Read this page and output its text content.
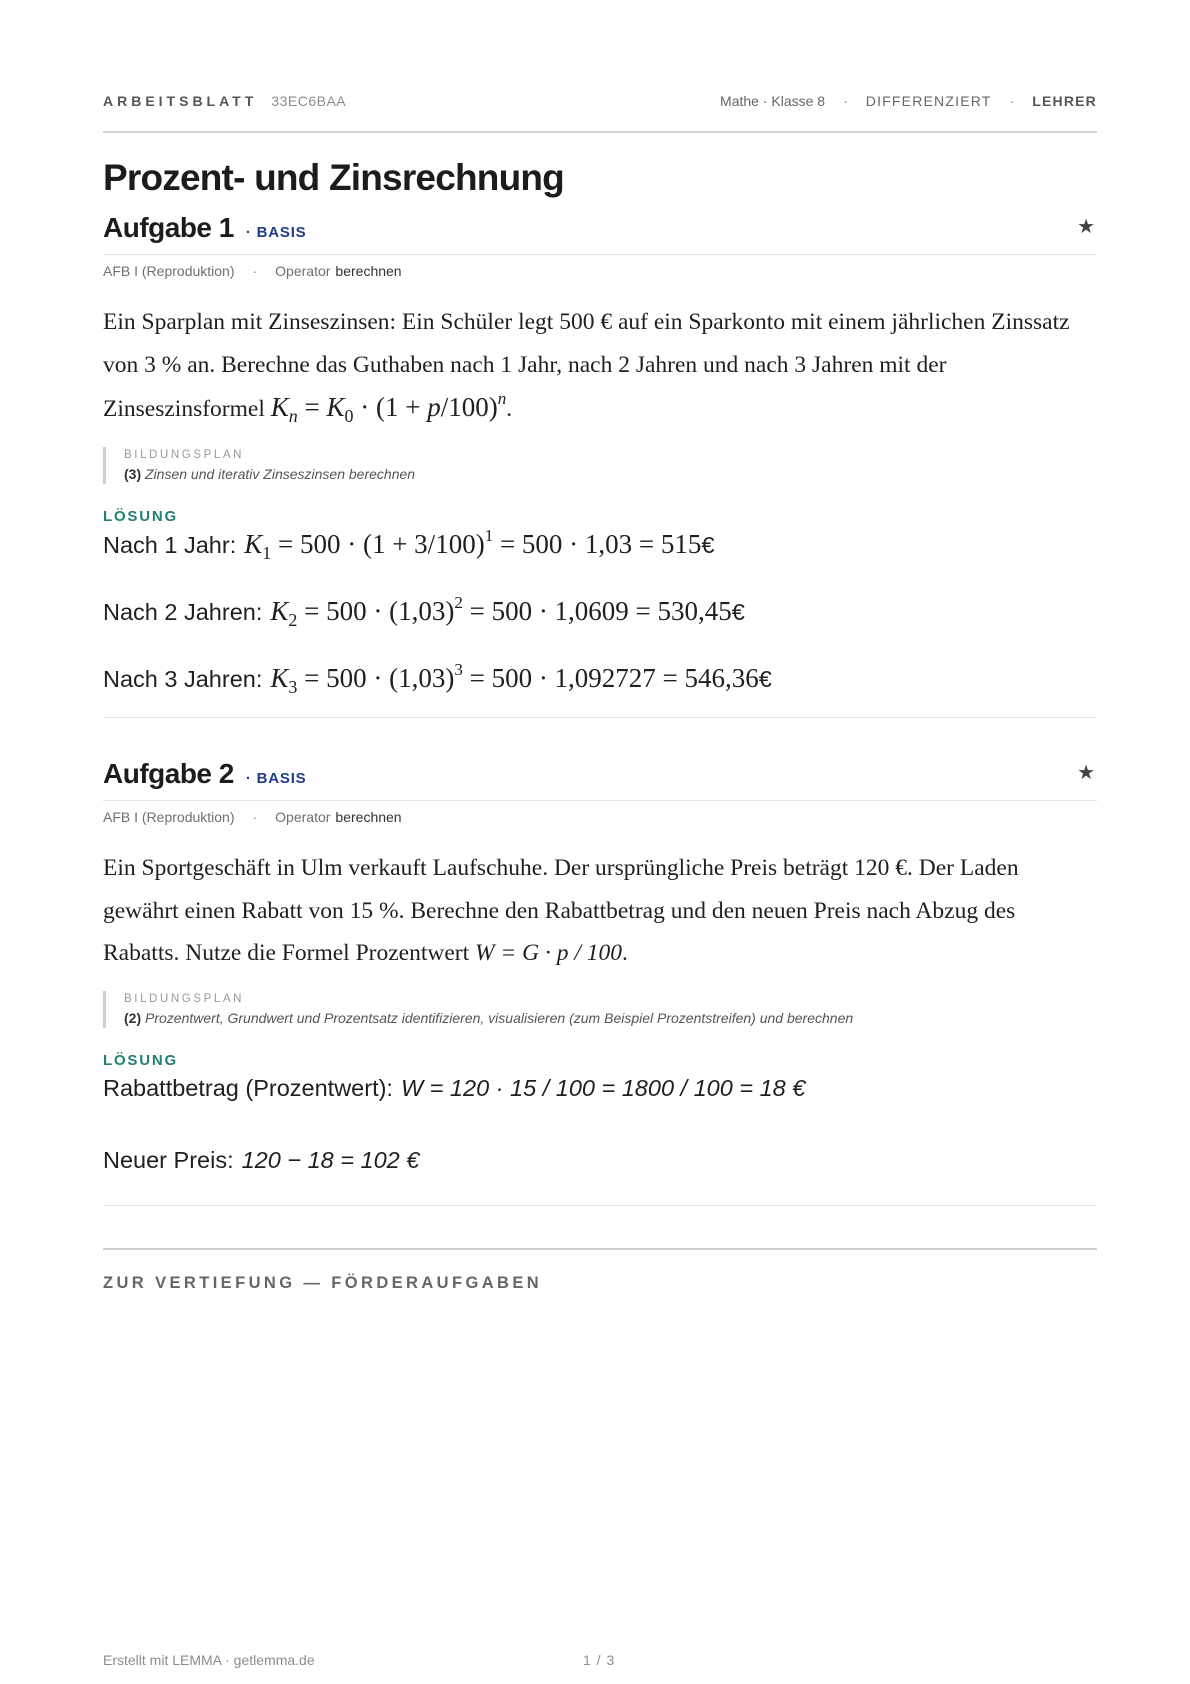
ARBEITSBLATT 33EC6BAA	Mathe · Klasse 8 · DIFFERENZIERT · LEHRER
Prozent- und Zinsrechnung
Aufgabe 1 · BASIS	★
AFB I (Reproduktion) · Operator berechnen
Ein Sparplan mit Zinseszinsen: Ein Schüler legt 500 € auf ein Sparkonto mit einem jährlichen Zinssatz von 3 % an. Berechne das Guthaben nach 1 Jahr, nach 2 Jahren und nach 3 Jahren mit der Zinseszinsformel $K_n = K_0 \cdot (1 + p/100)^n$.
BILDUNGSPLAN
(3) Zinsen und iterativ Zinseszinsen berechnen
LÖSUNG
Nach 1 Jahr: $K_1 = 500 \cdot (1 + 3/100)^1 = 500 \cdot 1,03 = 515$ €
Nach 2 Jahren: $K_2 = 500 \cdot (1,03)^2 = 500 \cdot 1,0609 = 530,45$ €
Nach 3 Jahren: $K_3 = 500 \cdot (1,03)^3 = 500 \cdot 1,092727 = 546,36$ €
Aufgabe 2 · BASIS	★
AFB I (Reproduktion) · Operator berechnen
Ein Sportgeschäft in Ulm verkauft Laufschuhe. Der ursprüngliche Preis beträgt 120 €. Der Laden gewährt einen Rabatt von 15 %. Berechne den Rabattbetrag und den neuen Preis nach Abzug des Rabatts. Nutze die Formel Prozentwert W = G · p / 100.
BILDUNGSPLAN
(2) Prozentwert, Grundwert und Prozentsatz identifizieren, visualisieren (zum Beispiel Prozentstreifen) und berechnen
LÖSUNG
Rabattbetrag (Prozentwert): W = 120 · 15 / 100 = 1800 / 100 = 18 €
Neuer Preis: 120 − 18 = 102 €
ZUR VERTIEFUNG — FÖRDERAUFGABEN
Erstellt mit LEMMA · getlemma.de	1 / 3
